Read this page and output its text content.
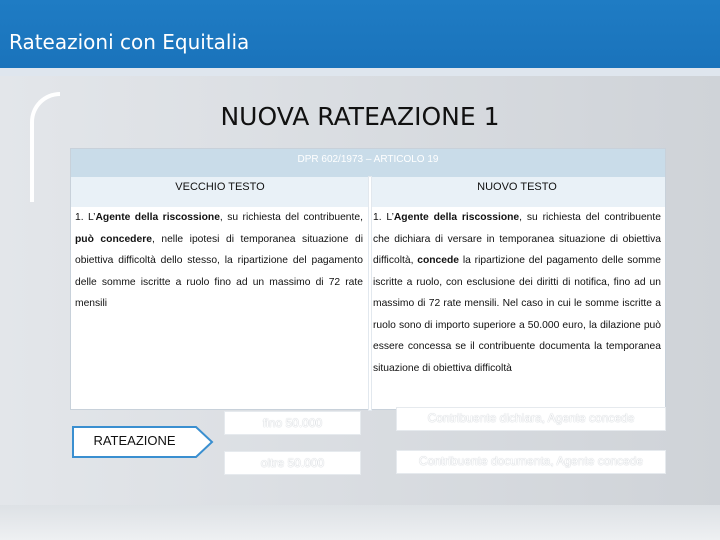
Rateazioni con Equitalia
NUOVA RATEAZIONE 1
DPR 602/1973 – ARTICOLO 19
VECCHIO TESTO	NUOVO TESTO
1. L’Agente della riscossione, su richiesta del contribuente, può concedere, nelle ipotesi di temporanea situazione di obiettiva difficoltà dello stesso, la ripartizione del pagamento delle somme iscritte a ruolo fino ad un massimo di 72 rate mensili
1. L’Agente della riscossione, su richiesta del contribuente che dichiara di versare in temporanea situazione di obiettiva difficoltà, concede la ripartizione del pagamento delle somme iscritte a ruolo, con esclusione dei diritti di notifica, fino ad un massimo di 72 rate mensili. Nel caso in cui le somme iscritte a ruolo sono di importo superiore a 50.000 euro, la dilazione può essere concessa se il contribuente documenta la temporanea situazione di obiettiva difficoltà
RATEAZIONE
fino 50.000
oltre 50.000
Contribuente dichiara, Agente concede
Contribuente documenta, Agente concede
